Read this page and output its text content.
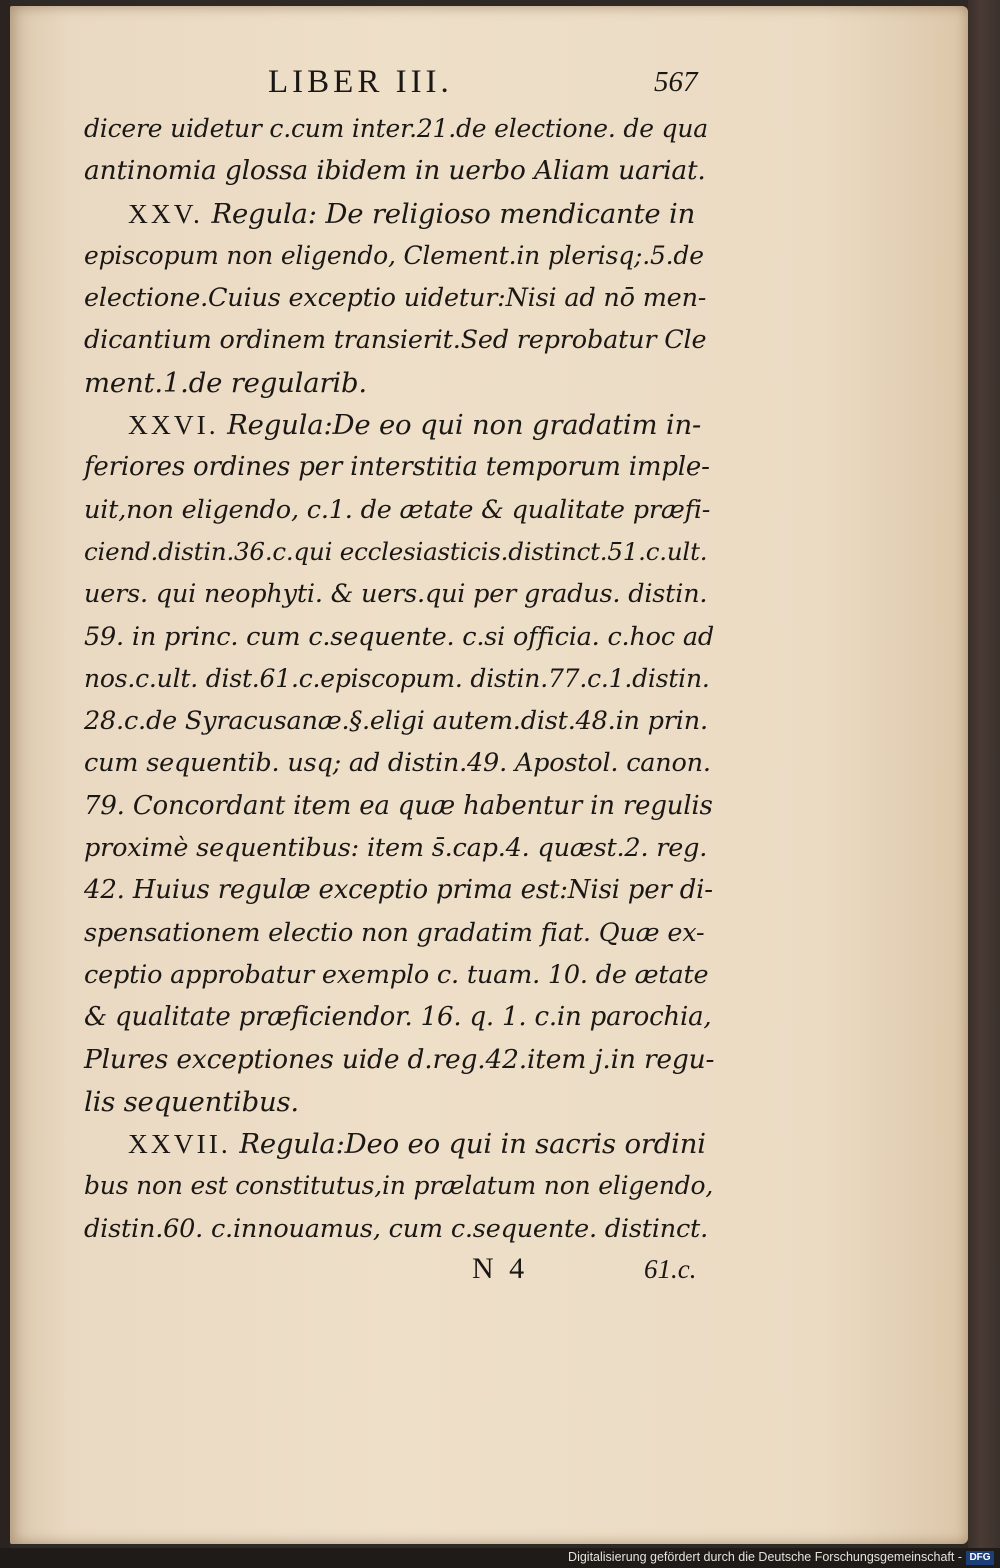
LIBER III.	567
dicere uidetur c.cum inter.21.de electione. de qua
antinomia glossa ibidem in uerbo Aliam uariat.
XXV. Regula: De religioso mendicante in
episcopum non eligendo, Clement.in plerisq;.5.de
electione.Cuius exceptio uidetur:Nisi ad nō men-
dicantium ordinem transierit.Sed reprobatur Cle
ment.1.de regularib.
XXVI. Regula:De eo qui non gradatim in-
feriores ordines per interstitia temporum imple-
uit,non eligendo, c.1. de ætate & qualitate præfi-
ciend.distin.36.c.qui ecclesiasticis.distinct.51.c.ult.
uers. qui neophyti. & uers.qui per gradus. distin.
59. in princ. cum c.sequente. c.si officia. c.hoc ad
nos.c.ult. dist.61.c.episcopum. distin.77.c.1.distin.
28.c.de Syracusanæ.§.eligi autem.dist.48.in prin.
cum sequentib. usq; ad distin.49. Apostol. canon.
79. Concordant item ea quæ habentur in regulis
proximè sequentibus: item s̄.cap.4. quæst.2. reg.
42. Huius regulæ exceptio prima est:Nisi per di-
spensationem electio non gradatim fiat. Quæ ex-
ceptio approbatur exemplo c. tuam. 10. de ætate
& qualitate præficiendor. 16. q. 1. c.in parochia,
Plures exceptiones uide d.reg.42.item j.in regu-
lis sequentibus.
XXVII. Regula:Deo eo qui in sacris ordini
bus non est constitutus,in prælatum non eligendo,
distin.60. c.innouamus, cum c.sequente. distinct.
N 4	61.c.
Digitalisierung gefördert durch die Deutsche Forschungsgemeinschaft - DFG
